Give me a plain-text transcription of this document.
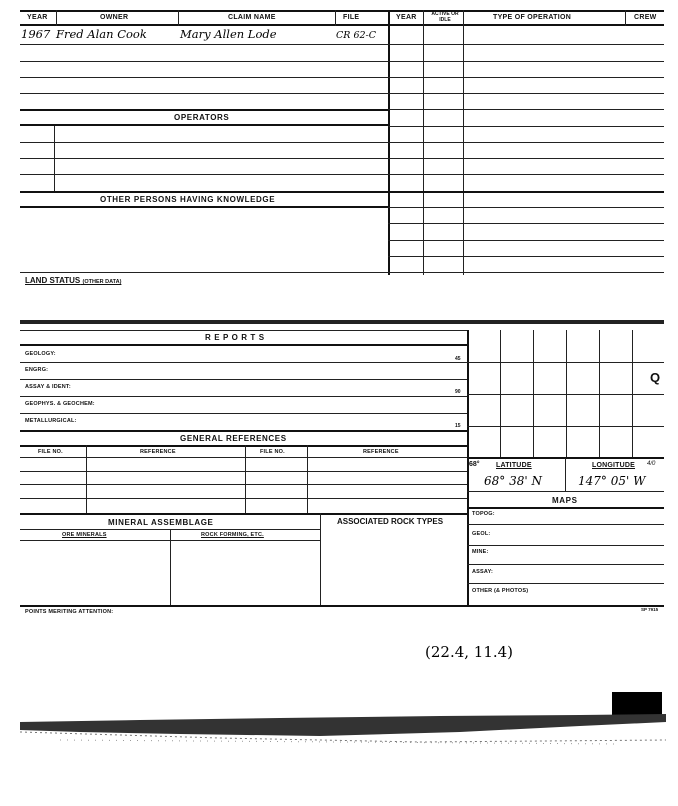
YEAR	OWNER	CLAIM NAME	FILE	YEAR	ACTIVE OR IDLE	TYPE OF OPERATION	CREW
1967 Fred Alan Cook	Mary Allen Lode	CR 62-C
OPERATORS
OTHER PERSONS HAVING KNOWLEDGE
LAND STATUS (OTHER DATA)
R E P O R T S
GEOLOGY:
45
ENGRG:
ASSAY & IDENT:
90
GEOPHYS. & GEOCHEM:
METALLURGICAL:
15
GENERAL REFERENCES
FILE NO.	REFERENCE	FILE NO.	REFERENCE
MINERAL ASSEMBLAGE	ASSOCIATED ROCK TYPES
ORE MINERALS	ROCK FORMING, ETC.
Q
68° LATITUDE	LONGITUDE 4/0
68° 38' N	147° 05' W
MAPS
TOPOG:
GEOL:
MINE:
ASSAY:
OTHER (& PHOTOS)
POINTS MERITING ATTENTION:	SP 7915
(22.4, 11.4)
